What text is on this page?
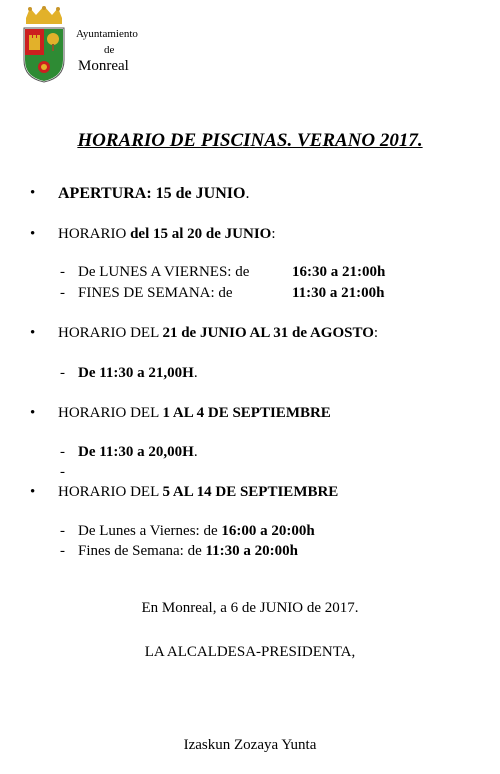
Ayuntamiento
de
Monreal
HORARIO DE PISCINAS. VERANO 2017.
• APERTURA: 15 de JUNIO.
• HORARIO del 15 al 20 de JUNIO:
- De LUNES A VIERNES: de	16:30 a 21:00h
- FINES DE SEMANA: de	11:30 a 21:00h
• HORARIO DEL 21 de JUNIO AL 31 de AGOSTO:
- De 11:30 a 21,00H.
• HORARIO DEL 1 AL 4 DE SEPTIEMBRE
- De 11:30 a 20,00H.
-
• HORARIO DEL 5 AL 14 DE SEPTIEMBRE
- De Lunes a Viernes: de 16:00 a 20:00h
- Fines de Semana: de 11:30 a 20:00h
En Monreal, a 6 de JUNIO de 2017.
LA ALCALDESA-PRESIDENTA,
Izaskun Zozaya Yunta
